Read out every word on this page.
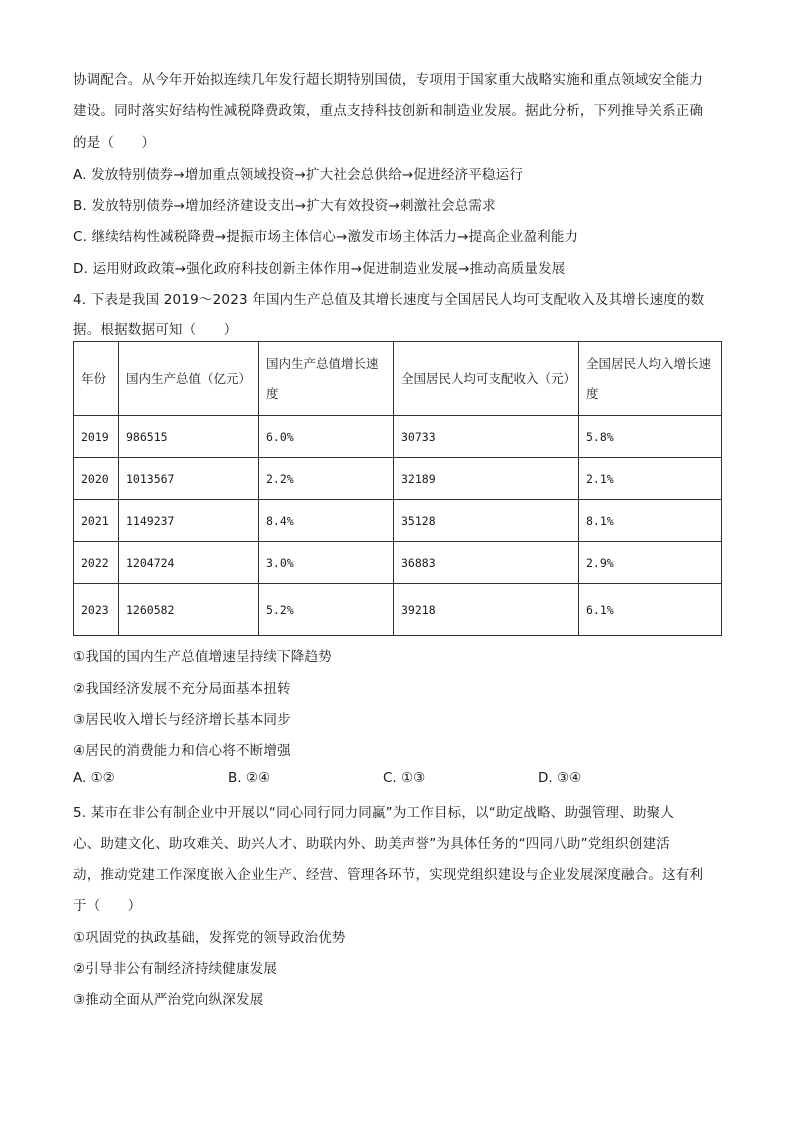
协调配合。从今年开始拟连续几年发行超长期特别国债，专项用于国家重大战略实施和重点领域安全能力
建设。同时落实好结构性减税降费政策，重点支持科技创新和制造业发展。据此分析，下列推导关系正确
的是（　　）
A. 发放特别债券→增加重点领域投资→扩大社会总供给→促进经济平稳运行
B. 发放特别债券→增加经济建设支出→扩大有效投资→刺激社会总需求
C. 继续结构性减税降费→提振市场主体信心→激发市场主体活力→提高企业盈利能力
D. 运用财政政策→强化政府科技创新主体作用→促进制造业发展→推动高质量发展
4. 下表是我国 2019～2023 年国内生产总值及其增长速度与全国居民人均可支配收入及其增长速度的数
据。根据数据可知（　　）
年份	国内生产总值（亿元）	国内生产总值增长速度	全国居民人均可支配收入（元）	全国居民人均入增长速度
2019	986515	6.0%	30733	5.8%
2020	1013567	2.2%	32189	2.1%
2021	1149237	8.4%	35128	8.1%
2022	1204724	3.0%	36883	2.9%
2023	1260582	5.2%	39218	6.1%
①我国的国内生产总值增速呈持续下降趋势
②我国经济发展不充分局面基本扭转
③居民收入增长与经济增长基本同步
④居民的消费能力和信心将不断增强
A. ①②	B. ②④	C. ①③	D. ③④
5. 某市在非公有制企业中开展以“同心同行同力同赢”为工作目标，以“助定战略、助强管理、助聚人
心、助建文化、助攻难关、助兴人才、助联内外、助美声誉”为具体任务的“四同八助”党组织创建活
动，推动党建工作深度嵌入企业生产、经营、管理各环节，实现党组织建设与企业发展深度融合。这有利
于（　　）
①巩固党的执政基础，发挥党的领导政治优势
②引导非公有制经济持续健康发展
③推动全面从严治党向纵深发展
